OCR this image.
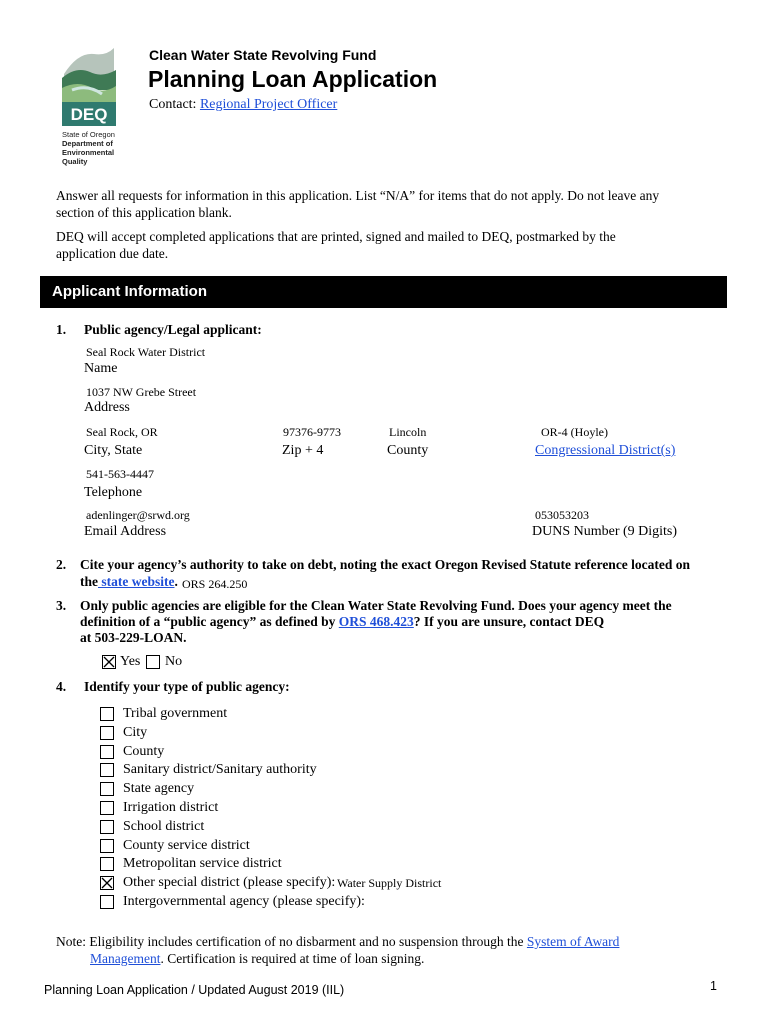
DEQ
State of Oregon
Department of
Environmental
Quality
Clean Water State Revolving Fund
Planning Loan Application
Contact: Regional Project Officer
Answer all requests for information in this application. List “N/A” for items that do not apply. Do not leave any
section of this application blank.
DEQ will accept completed applications that are printed, signed and mailed to DEQ, postmarked by the
application due date.
Applicant Information
1. Public agency/Legal applicant:
Seal Rock Water District
Name
1037 NW Grebe Street
Address
Seal Rock, OR
City, State
97376-9773
Zip + 4
Lincoln
County
OR-4 (Hoyle)
Congressional District(s)
541-563-4447
Telephone
adenlinger@srwd.org
Email Address
053053203
DUNS Number (9 Digits)
2. Cite your agency’s authority to take on debt, noting the exact Oregon Revised Statute reference located on
the state website. ORS 264.250
3. Only public agencies are eligible for the Clean Water State Revolving Fund. Does your agency meet the
definition of a “public agency” as defined by ORS 468.423? If you are unsure, contact DEQ
at 503-229-LOAN.
Yes No
4. Identify your type of public agency:
Tribal government
City
County
Sanitary district/Sanitary authority
State agency
Irrigation district
School district
County service district
Metropolitan service district
Other special district (please specify):
Intergovernmental agency (please specify):
Water Supply District
Note: Eligibility includes certification of no disbarment and no suspension through the System of Award
Management. Certification is required at time of loan signing.
Planning Loan Application / Updated August 2019 (IIL)	1
